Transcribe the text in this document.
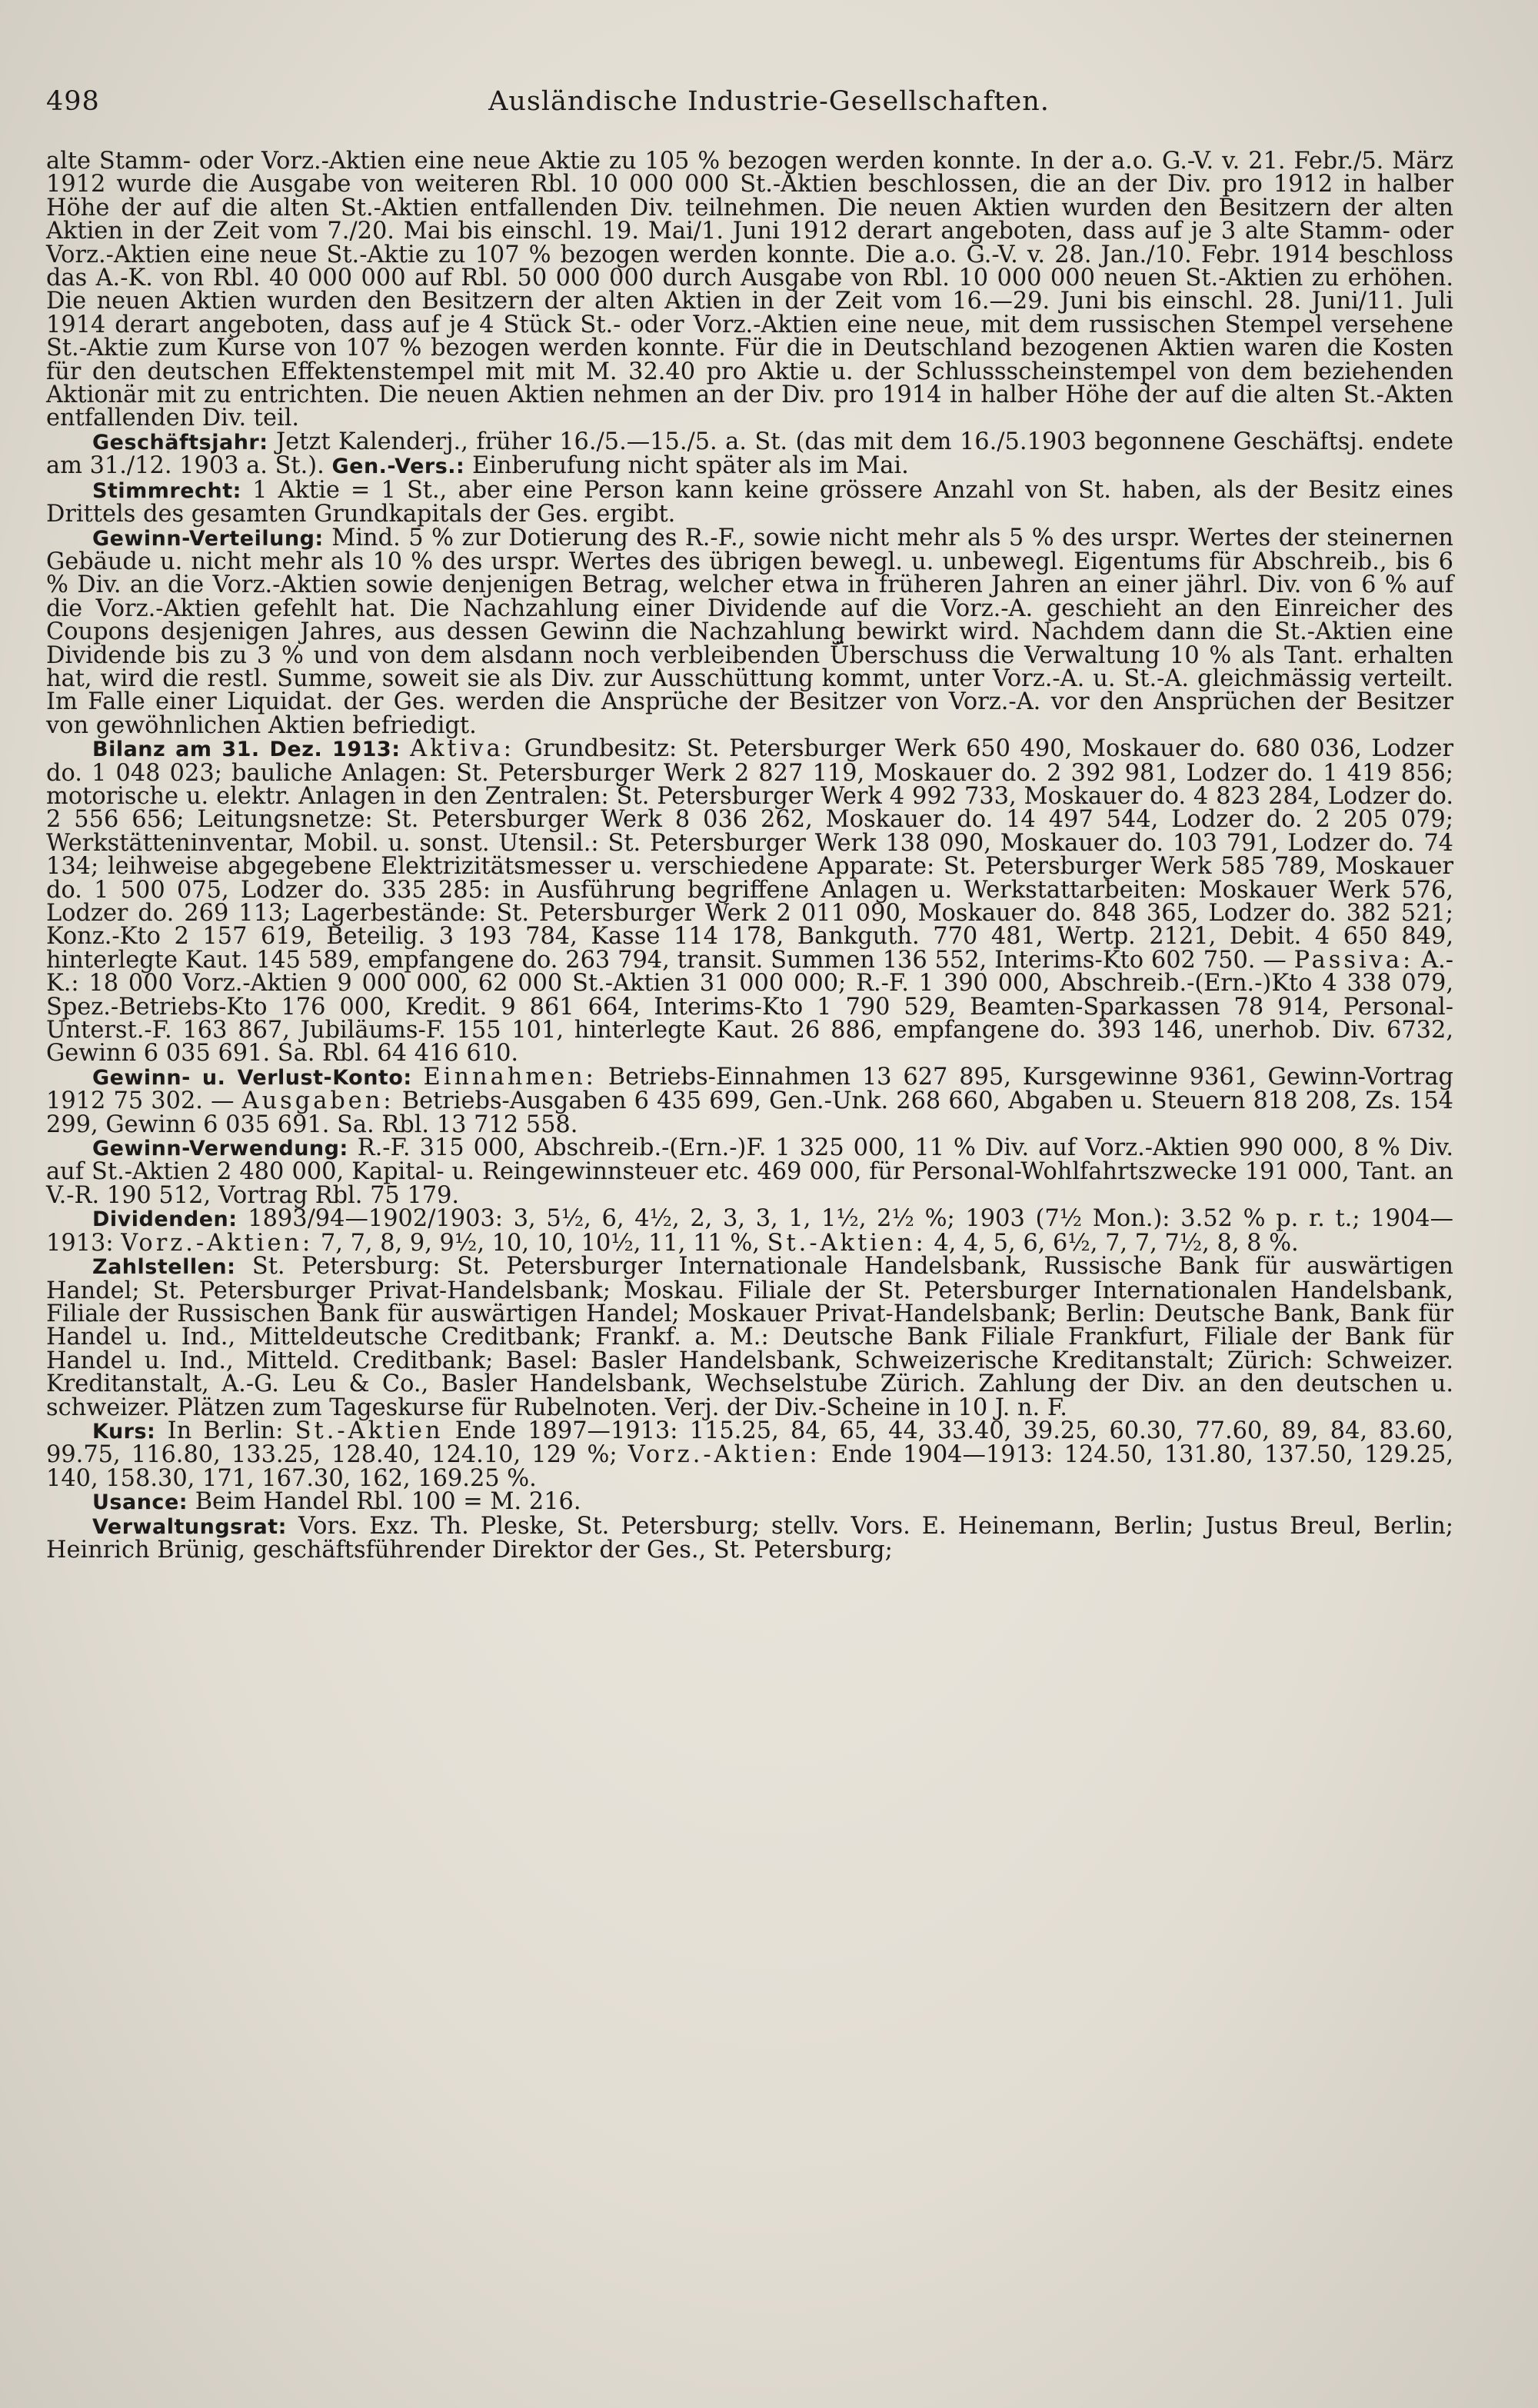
498	Ausländische Industrie-Gesellschaften.

alte Stamm- oder Vorz.-Aktien eine neue Aktie zu 105 % bezogen werden konnte. In der a.o. G.-V. v. 21. Febr./5. März 1912 wurde die Ausgabe von weiteren Rbl. 10 000 000 St.-Aktien beschlossen, die an der Div. pro 1912 in halber Höhe der auf die alten St.-Aktien entfallenden Div. teilnehmen. Die neuen Aktien wurden den Besitzern der alten Aktien in der Zeit vom 7./20. Mai bis einschl. 19. Mai/1. Juni 1912 derart angeboten, dass auf je 3 alte Stamm- oder Vorz.-Aktien eine neue St.-Aktie zu 107 % bezogen werden konnte. Die a.o. G.-V. v. 28. Jan./10. Febr. 1914 beschloss das A.-K. von Rbl. 40 000 000 auf Rbl. 50 000 000 durch Ausgabe von Rbl. 10 000 000 neuen St.-Aktien zu erhöhen. Die neuen Aktien wurden den Besitzern der alten Aktien in der Zeit vom 16.—29. Juni bis einschl. 28. Juni/11. Juli 1914 derart angeboten, dass auf je 4 Stück St.- oder Vorz.-Aktien eine neue, mit dem russischen Stempel versehene St.-Aktie zum Kurse von 107 % bezogen werden konnte. Für die in Deutschland bezogenen Aktien waren die Kosten für den deutschen Effektenstempel mit mit M. 32.40 pro Aktie u. der Schlussscheinstempel von dem beziehenden Aktionär mit zu entrichten. Die neuen Aktien nehmen an der Div. pro 1914 in halber Höhe der auf die alten St.-Akten entfallenden Div. teil.

Geschäftsjahr: Jetzt Kalenderj., früher 16./5.—15./5. a. St. (das mit dem 16./5.1903 begonnene Geschäftsj. endete am 31./12. 1903 a. St.). Gen.-Vers.: Einberufung nicht später als im Mai.

Stimmrecht: 1 Aktie = 1 St., aber eine Person kann keine grössere Anzahl von St. haben, als der Besitz eines Drittels des gesamten Grundkapitals der Ges. ergibt.

Gewinn-Verteilung: Mind. 5 % zur Dotierung des R.-F., sowie nicht mehr als 5 % des urspr. Wertes der steinernen Gebäude u. nicht mehr als 10 % des urspr. Wertes des übrigen bewegl. u. unbewegl. Eigentums für Abschreib., bis 6 % Div. an die Vorz.-Aktien sowie denjenigen Betrag, welcher etwa in früheren Jahren an einer jährl. Div. von 6 % auf die Vorz.-Aktien gefehlt hat. Die Nachzahlung einer Dividende auf die Vorz.-A. geschieht an den Einreicher des Coupons desjenigen Jahres, aus dessen Gewinn die Nachzahlung bewirkt wird. Nachdem dann die St.-Aktien eine Dividende bis zu 3 % und von dem alsdann noch verbleibenden Überschuss die Verwaltung 10 % als Tant. erhalten hat, wird die restl. Summe, soweit sie als Div. zur Ausschüttung kommt, unter Vorz.-A. u. St.-A. gleichmässig verteilt. Im Falle einer Liquidat. der Ges. werden die Ansprüche der Besitzer von Vorz.-A. vor den Ansprüchen der Besitzer von gewöhnlichen Aktien befriedigt.

Bilanz am 31. Dez. 1913: Aktiva: Grundbesitz: St. Petersburger Werk 650 490, Moskauer do. 680 036, Lodzer do. 1 048 023; bauliche Anlagen: St. Petersburger Werk 2 827 119, Moskauer do. 2 392 981, Lodzer do. 1 419 856; motorische u. elektr. Anlagen in den Zentralen: St. Petersburger Werk 4 992 733, Moskauer do. 4 823 284, Lodzer do. 2 556 656; Leitungsnetze: St. Petersburger Werk 8 036 262, Moskauer do. 14 497 544, Lodzer do. 2 205 079; Werkstätteninventar, Mobil. u. sonst. Utensil.: St. Petersburger Werk 138 090, Moskauer do. 103 791, Lodzer do. 74 134; leihweise abgegebene Elektrizitätsmesser u. verschiedene Apparate: St. Petersburger Werk 585 789, Moskauer do. 1 500 075, Lodzer do. 335 285: in Ausführung begriffene Anlagen u. Werkstattarbeiten: Moskauer Werk 576, Lodzer do. 269 113; Lagerbestände: St. Petersburger Werk 2 011 090, Moskauer do. 848 365, Lodzer do. 382 521; Konz.-Kto 2 157 619, Beteilig. 3 193 784, Kasse 114 178, Bankguth. 770 481, Wertp. 2121, Debit. 4 650 849, hinterlegte Kaut. 145 589, empfangene do. 263 794, transit. Summen 136 552, Interims-Kto 602 750. — Passiva: A.-K.: 18 000 Vorz.-Aktien 9 000 000, 62 000 St.-Aktien 31 000 000; R.-F. 1 390 000, Abschreib.-(Ern.-)Kto 4 338 079, Spez.-Betriebs-Kto 176 000, Kredit. 9 861 664, Interims-Kto 1 790 529, Beamten-Sparkassen 78 914, Personal-Unterst.-F. 163 867, Jubiläums-F. 155 101, hinterlegte Kaut. 26 886, empfangene do. 393 146, unerhob. Div. 6732, Gewinn 6 035 691. Sa. Rbl. 64 416 610.

Gewinn- u. Verlust-Konto: Einnahmen: Betriebs-Einnahmen 13 627 895, Kursgewinne 9361, Gewinn-Vortrag 1912 75 302. — Ausgaben: Betriebs-Ausgaben 6 435 699, Gen.-Unk. 268 660, Abgaben u. Steuern 818 208, Zs. 154 299, Gewinn 6 035 691. Sa. Rbl. 13 712 558.

Gewinn-Verwendung: R.-F. 315 000, Abschreib.-(Ern.-)F. 1 325 000, 11 % Div. auf Vorz.-Aktien 990 000, 8 % Div. auf St.-Aktien 2 480 000, Kapital- u. Reingewinnsteuer etc. 469 000, für Personal-Wohlfahrtszwecke 191 000, Tant. an V.-R. 190 512, Vortrag Rbl. 75 179.

Dividenden: 1893/94—1902/1903: 3, 5½, 6, 4½, 2, 3, 3, 1, 1½, 2½ %; 1903 (7½ Mon.): 3.52 % p. r. t.; 1904—1913: Vorz.-Aktien: 7, 7, 8, 9, 9½, 10, 10, 10½, 11, 11 %, St.-Aktien: 4, 4, 5, 6, 6½, 7, 7, 7½, 8, 8 %.

Zahlstellen: St. Petersburg: St. Petersburger Internationale Handelsbank, Russische Bank für auswärtigen Handel; St. Petersburger Privat-Handelsbank; Moskau. Filiale der St. Petersburger Internationalen Handelsbank, Filiale der Russischen Bank für auswärtigen Handel; Moskauer Privat-Handelsbank; Berlin: Deutsche Bank, Bank für Handel u. Ind., Mitteldeutsche Creditbank; Frankf. a. M.: Deutsche Bank Filiale Frankfurt, Filiale der Bank für Handel u. Ind., Mitteld. Creditbank; Basel: Basler Handelsbank, Schweizerische Kreditanstalt; Zürich: Schweizer. Kreditanstalt, A.-G. Leu & Co., Basler Handelsbank, Wechselstube Zürich. Zahlung der Div. an den deutschen u. schweizer. Plätzen zum Tageskurse für Rubelnoten. Verj. der Div.-Scheine in 10 J. n. F.

Kurs: In Berlin: St.-Aktien Ende 1897—1913: 115.25, 84, 65, 44, 33.40, 39.25, 60.30, 77.60, 89, 84, 83.60, 99.75, 116.80, 133.25, 128.40, 124.10, 129 %; Vorz.-Aktien: Ende 1904—1913: 124.50, 131.80, 137.50, 129.25, 140, 158.30, 171, 167.30, 162, 169.25 %.

Usance: Beim Handel Rbl. 100 = M. 216.

Verwaltungsrat: Vors. Exz. Th. Pleske, St. Petersburg; stellv. Vors. E. Heinemann, Berlin; Justus Breul, Berlin; Heinrich Brünig, geschäftsführender Direktor der Ges., St. Petersburg;
